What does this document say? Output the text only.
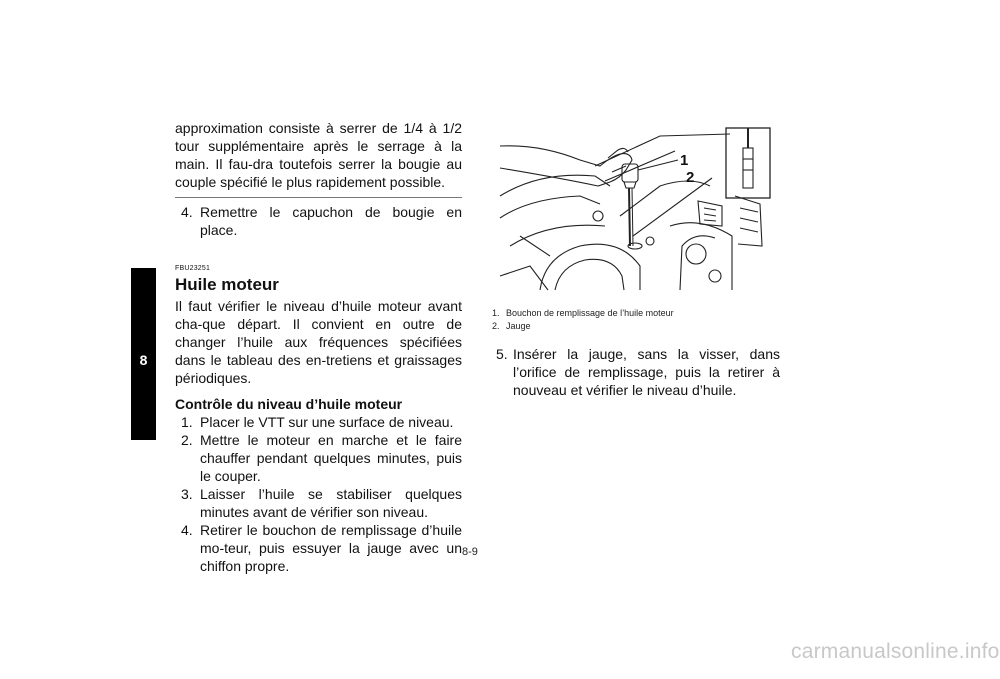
8
approximation consiste à serrer de 1/4 à 1/2 tour supplémentaire après le serrage à la main. Il fau-dra toutefois serrer la bougie au couple spécifié le plus rapidement possible.
4. Remettre le capuchon de bougie en place.
FBU23251
Huile moteur
Il faut vérifier le niveau d’huile moteur avant cha-que départ. Il convient en outre de changer l’huile aux fréquences spécifiées dans le tableau des en-tretiens et graissages périodiques.
Contrôle du niveau d’huile moteur
1. Placer le VTT sur une surface de niveau.
2. Mettre le moteur en marche et le faire chauffer pendant quelques minutes, puis le couper.
3. Laisser l’huile se stabiliser quelques minutes avant de vérifier son niveau.
4. Retirer le bouchon de remplissage d’huile mo-teur, puis essuyer la jauge avec un chiffon propre.
1
2
1. Bouchon de remplissage de l’huile moteur
2. Jauge
5. Insérer la jauge, sans la visser, dans l’orifice de remplissage, puis la retirer à nouveau et vérifier le niveau d’huile.
8-9
carmanualsonline.info
